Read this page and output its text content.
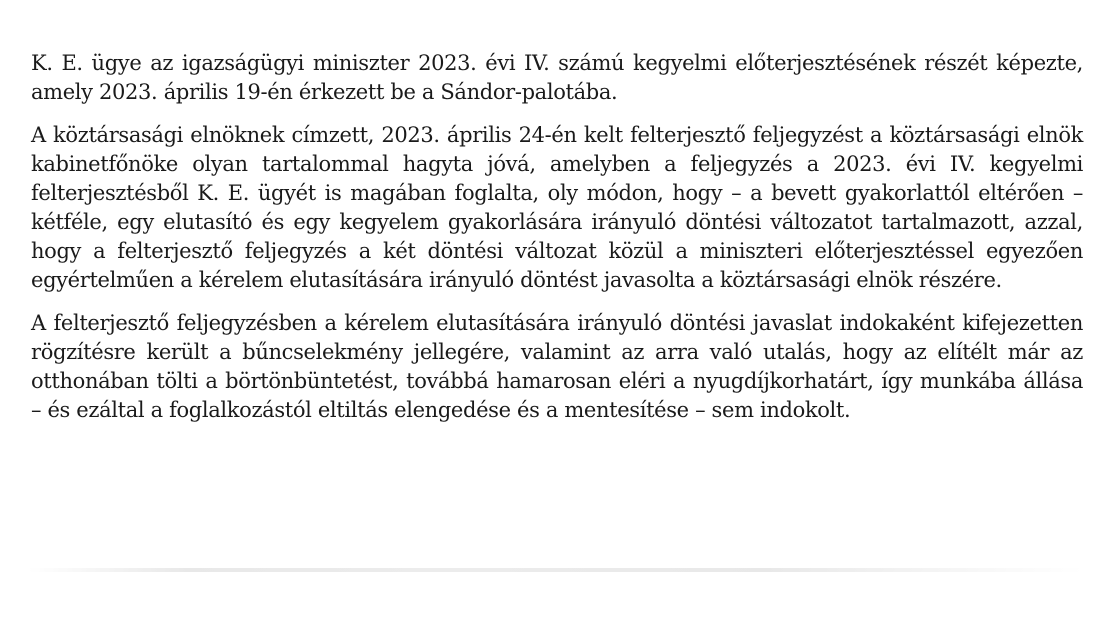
K. E. ügye az igazságügyi miniszter 2023. évi IV. számú kegyelmi előterjesztésének részét képezte, amely 2023. április 19-én érkezett be a Sándor-palotába.

A köztársasági elnöknek címzett, 2023. április 24-én kelt felterjesztő feljegyzést a köztársasági elnök kabinetfőnöke olyan tartalommal hagyta jóvá, amelyben a feljegyzés a 2023. évi IV. kegyelmi felterjesztésből K. E. ügyét is magában foglalta, oly módon, hogy – a bevett gyakorlattól eltérően – kétféle, egy elutasító és egy kegyelem gyakorlására irányuló döntési változatot tartalmazott, azzal, hogy a felterjesztő feljegyzés a két döntési változat közül a miniszteri előterjesztéssel egyezően egyértelműen a kérelem elutasítására irányuló döntést javasolta a köztársasági elnök részére.

A felterjesztő feljegyzésben a kérelem elutasítására irányuló döntési javaslat indokaként kifejezetten rögzítésre került a bűncselekmény jellegére, valamint az arra való utalás, hogy az elítélt már az otthonában tölti a börtönbüntetést, továbbá hamarosan eléri a nyugdíjkorhatárt, így munkába állása – és ezáltal a foglalkozástól eltiltás elengedése és a mentesítése – sem indokolt.
